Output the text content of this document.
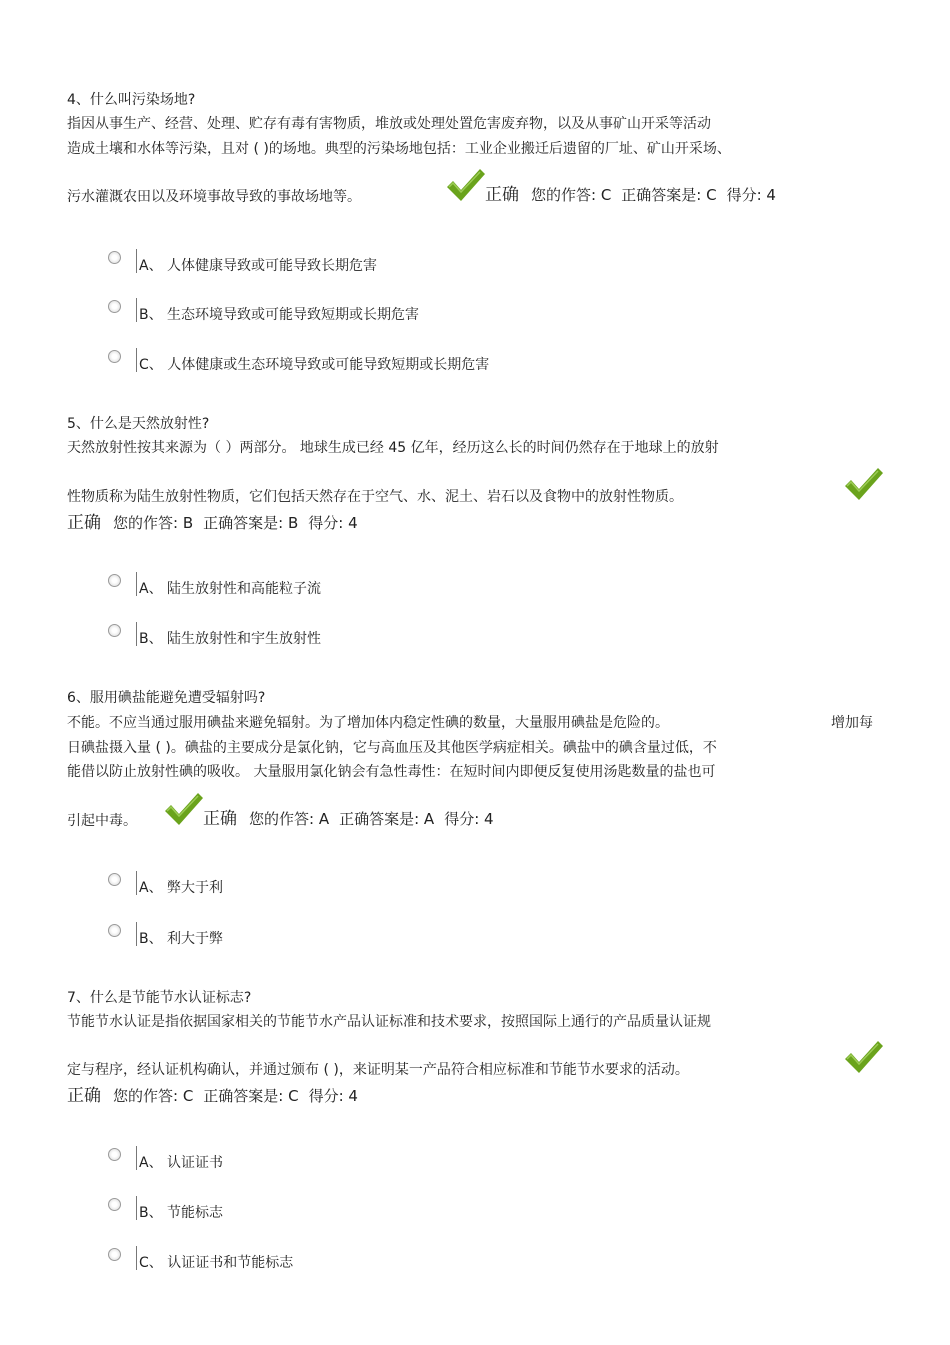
4、什么叫污染场地?
指因从事生产、经营、处理、贮存有毒有害物质，堆放或处理处置危害废弃物，以及从事矿山开采等活动
造成土壤和水体等污染，且对 ( )的场地。典型的污染场地包括：工业企业搬迁后遗留的厂址、矿山开采场、
污水灌溉农田以及环境事故导致的事故场地等。	正确 您的作答: C 正确答案是: C 得分: 4
A、 人体健康导致或可能导致长期危害
B、 生态环境导致或可能导致短期或长期危害
C、 人体健康或生态环境导致或可能导致短期或长期危害
5、什么是天然放射性?
天然放射性按其来源为（ ）两部分。 地球生成已经 45 亿年，经历这么长的时间仍然存在于地球上的放射
性物质称为陆生放射性物质，它们包括天然存在于空气、水、泥土、岩石以及食物中的放射性物质。
正确 您的作答: B 正确答案是: B 得分: 4
A、 陆生放射性和高能粒子流
B、 陆生放射性和宇生放射性
6、服用碘盐能避免遭受辐射吗?
不能。不应当通过服用碘盐来避免辐射。为了增加体内稳定性碘的数量，大量服用碘盐是危险的。	增加每
日碘盐摄入量 ( )。碘盐的主要成分是氯化钠，它与高血压及其他医学病症相关。碘盐中的碘含量过低，不
能借以防止放射性碘的吸收。 大量服用氯化钠会有急性毒性：在短时间内即便反复使用汤匙数量的盐也可
引起中毒。	正确 您的作答: A 正确答案是: A 得分: 4
A、 弊大于利
B、 利大于弊
7、什么是节能节水认证标志?
节能节水认证是指依据国家相关的节能节水产品认证标准和技术要求，按照国际上通行的产品质量认证规
定与程序，经认证机构确认，并通过颁布 ( )，来证明某一产品符合相应标准和节能节水要求的活动。
正确 您的作答: C 正确答案是: C 得分: 4
A、 认证证书
B、 节能标志
C、 认证证书和节能标志
